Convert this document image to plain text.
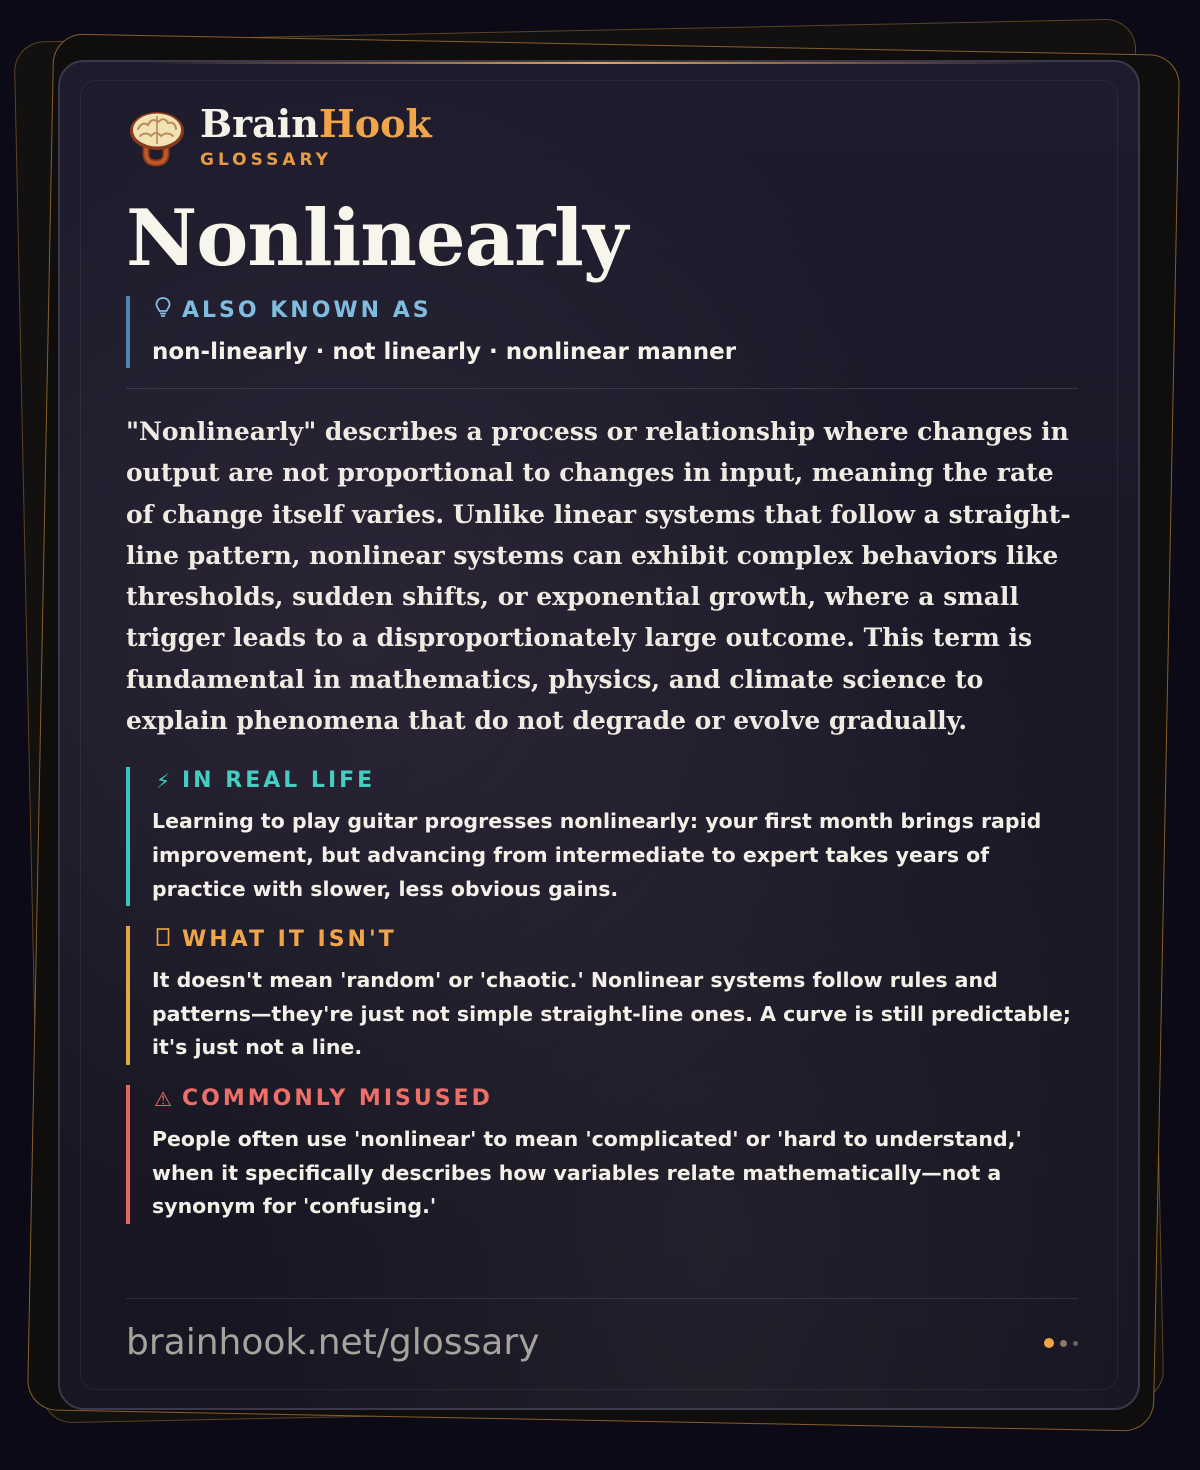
BrainHook
GLOSSARY
Nonlinearly
ALSO KNOWN AS
non-linearly · not linearly · nonlinear manner
"Nonlinearly" describes a process or relationship where changes in output are not proportional to changes in input, meaning the rate of change itself varies. Unlike linear systems that follow a straight-line pattern, nonlinear systems can exhibit complex behaviors like thresholds, sudden shifts, or exponential growth, where a small trigger leads to a disproportionately large outcome. This term is fundamental in mathematics, physics, and climate science to explain phenomena that do not degrade or evolve gradually.
⚡ IN REAL LIFE
Learning to play guitar progresses nonlinearly: your first month brings rapid improvement, but advancing from intermediate to expert takes years of practice with slower, less obvious gains.
WHAT IT ISN'T
It doesn't mean 'random' or 'chaotic.' Nonlinear systems follow rules and patterns—they're just not simple straight-line ones. A curve is still predictable; it's just not a line.
⚠ COMMONLY MISUSED
People often use 'nonlinear' to mean 'complicated' or 'hard to understand,' when it specifically describes how variables relate mathematically—not a synonym for 'confusing.'
brainhook.net/glossary
